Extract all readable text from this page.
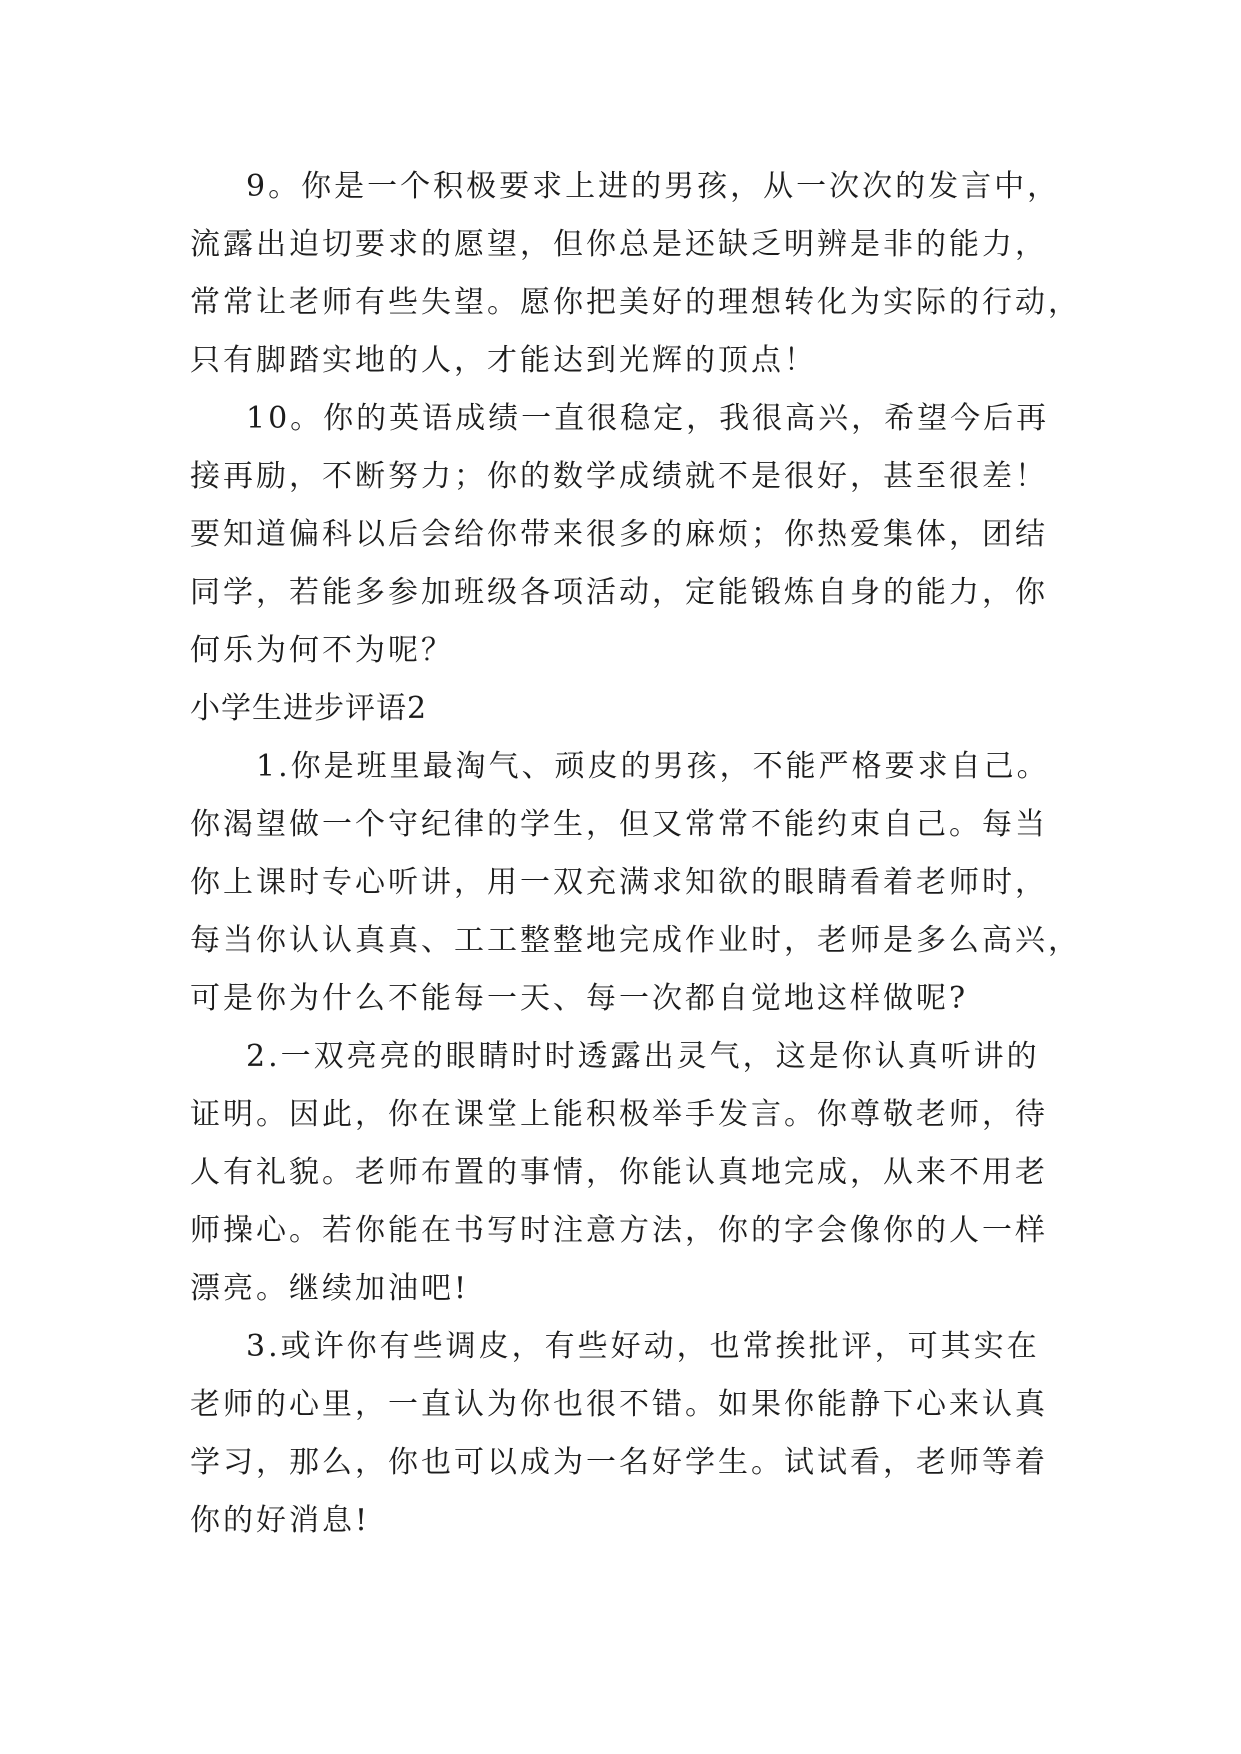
9。你是一个积极要求上进的男孩，从一次次的发言中，
流露出迫切要求的愿望，但你总是还缺乏明辨是非的能力，
常常让老师有些失望。愿你把美好的理想转化为实际的行动，
只有脚踏实地的人，才能达到光辉的顶点！
10。你的英语成绩一直很稳定，我很高兴，希望今后再
接再励，不断努力；你的数学成绩就不是很好，甚至很差！
要知道偏科以后会给你带来很多的麻烦；你热爱集体，团结
同学，若能多参加班级各项活动，定能锻炼自身的能力，你
何乐为何不为呢？
小学生进步评语2
1.你是班里最淘气、顽皮的男孩，不能严格要求自己。
你渴望做一个守纪律的学生，但又常常不能约束自己。每当
你上课时专心听讲，用一双充满求知欲的眼睛看着老师时，
每当你认认真真、工工整整地完成作业时，老师是多么高兴，
可是你为什么不能每一天、每一次都自觉地这样做呢?
2.一双亮亮的眼睛时时透露出灵气，这是你认真听讲的
证明。因此，你在课堂上能积极举手发言。你尊敬老师，待
人有礼貌。老师布置的事情，你能认真地完成，从来不用老
师操心。若你能在书写时注意方法，你的字会像你的人一样
漂亮。继续加油吧!
3.或许你有些调皮，有些好动，也常挨批评，可其实在
老师的心里，一直认为你也很不错。如果你能静下心来认真
学习，那么，你也可以成为一名好学生。试试看，老师等着
你的好消息!
